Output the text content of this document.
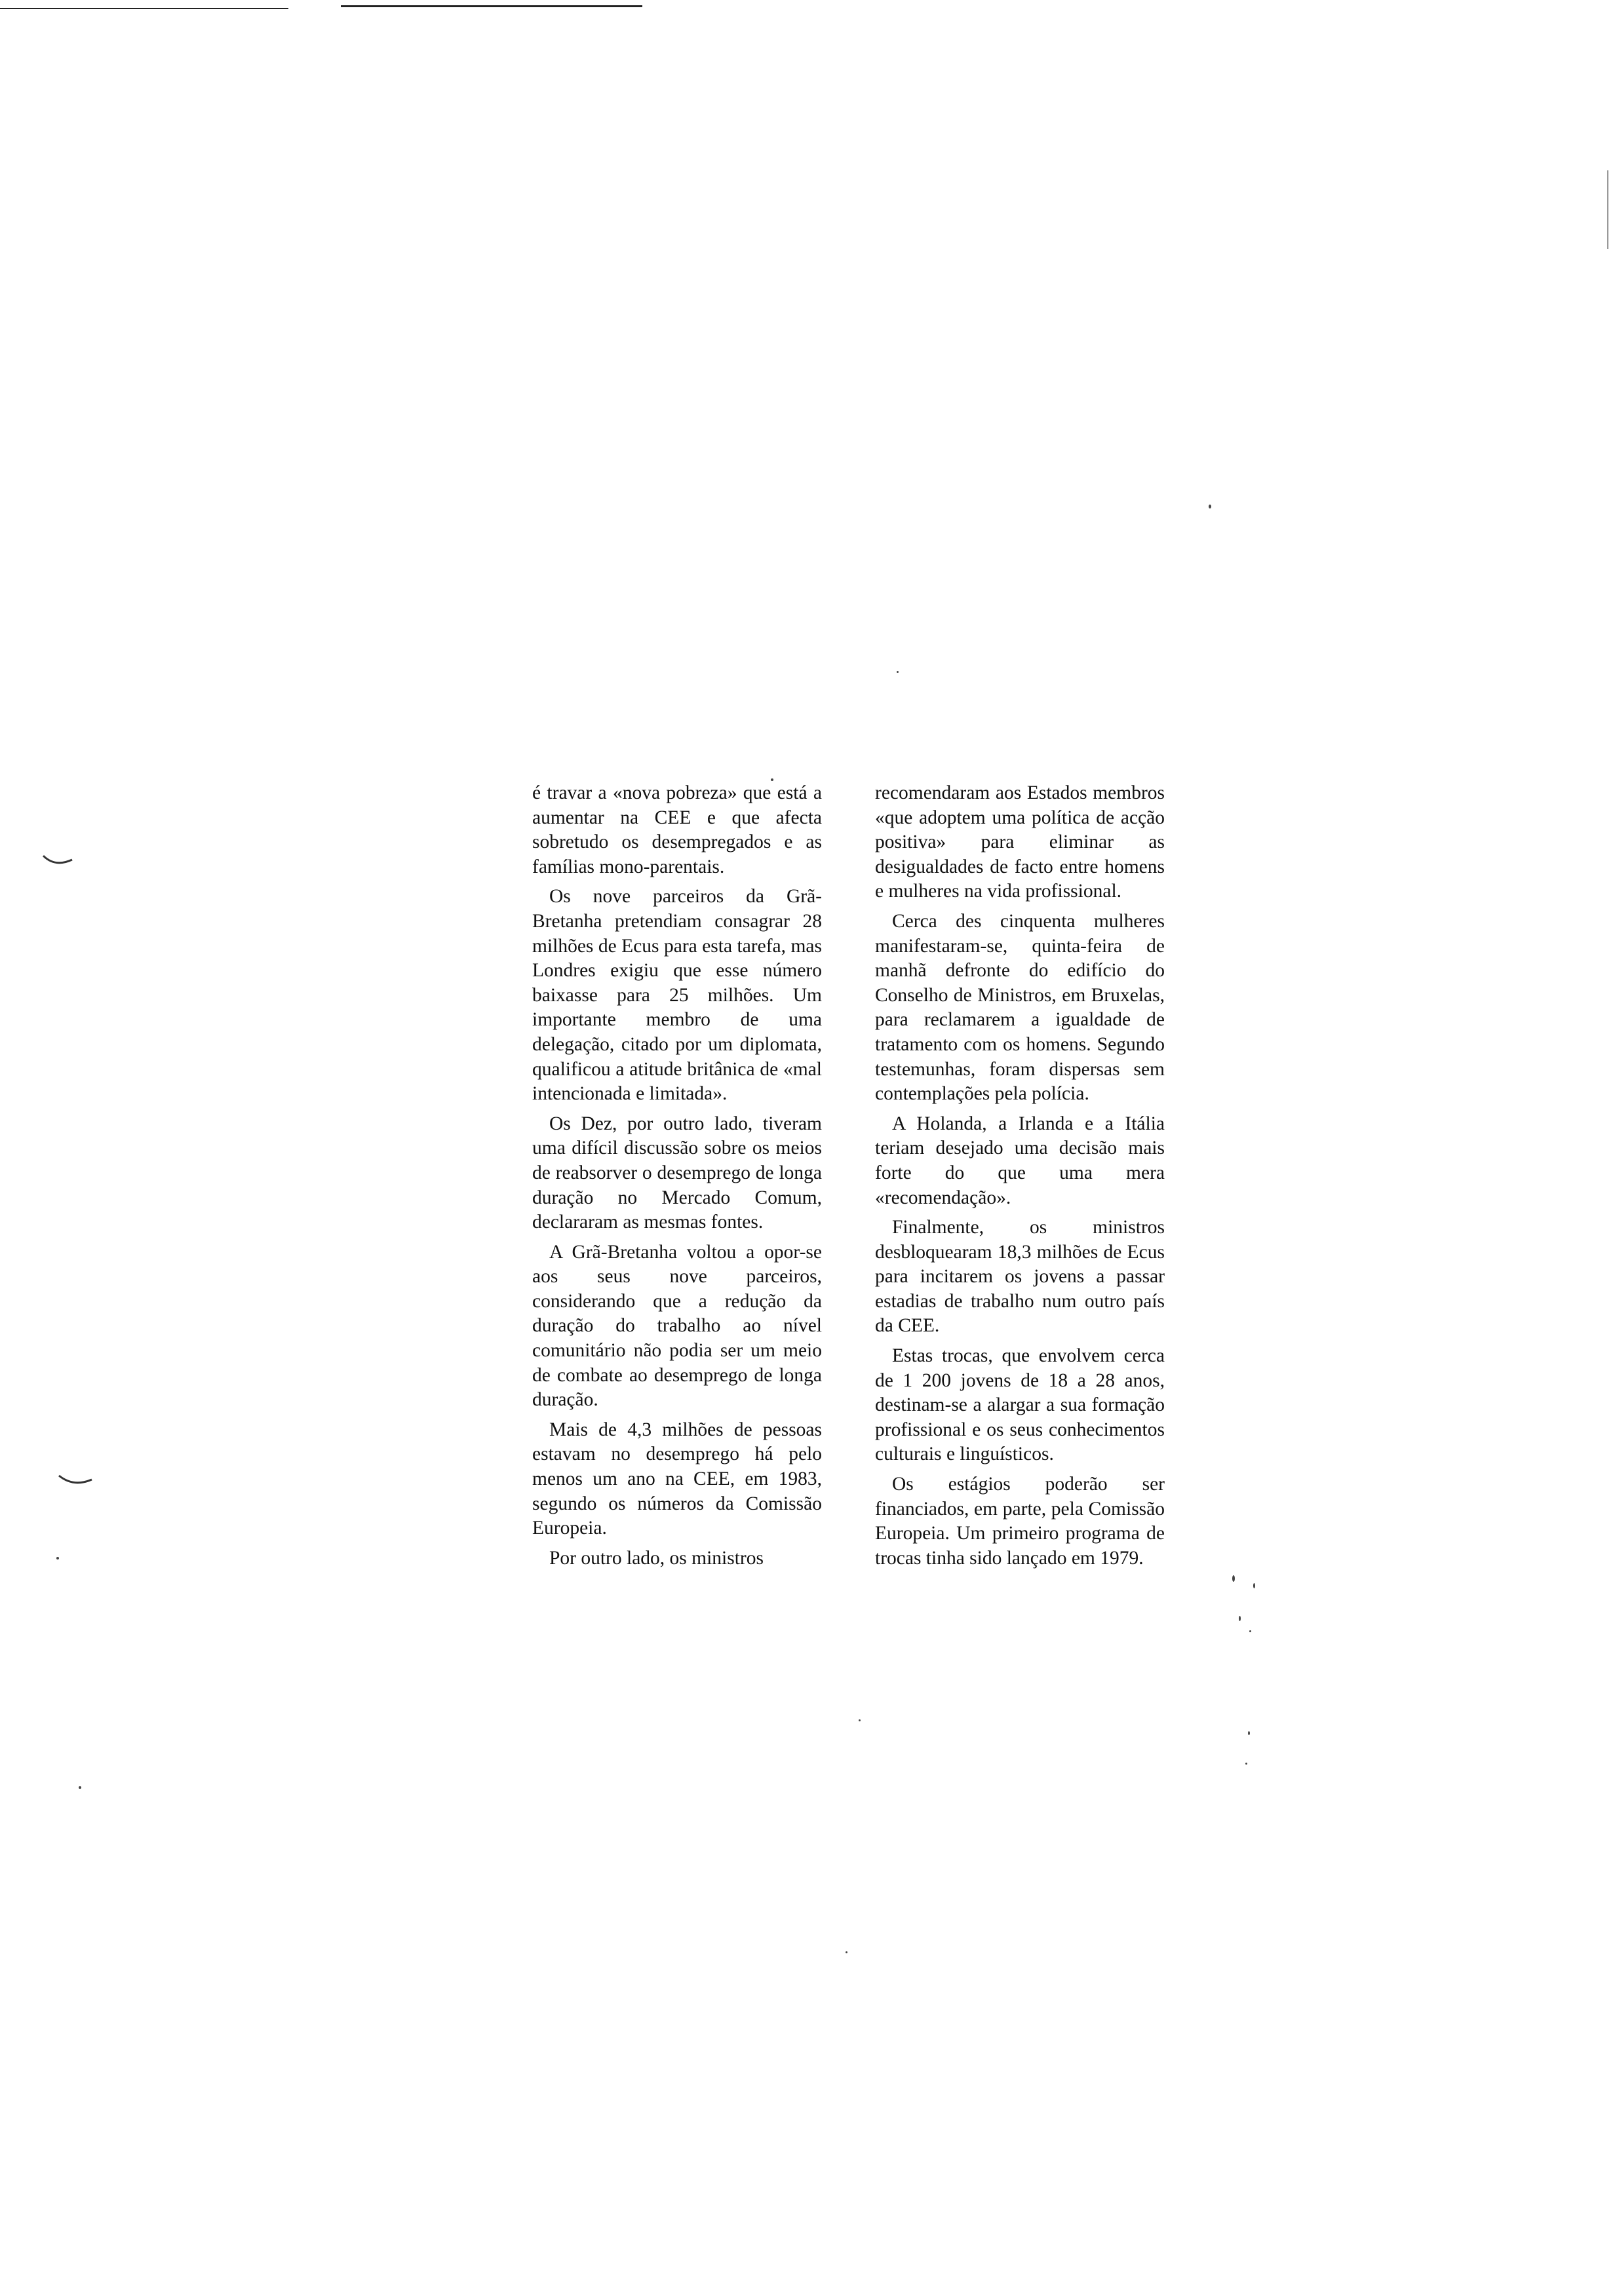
é travar a «nova pobreza» que está a aumentar na CEE e que afecta sobretudo os desempregados e as famílias mono-parentais.

Os nove parceiros da Grã-Bretanha pretendiam consagrar 28 milhões de Ecus para esta tarefa, mas Londres exigiu que esse número baixasse para 25 milhões. Um importante membro de uma delegação, citado por um diplomata, qualificou a atitude britânica de «mal intencionada e limitada».

Os Dez, por outro lado, tiveram uma difícil discussão sobre os meios de reabsorver o desemprego de longa duração no Mercado Comum, declararam as mesmas fontes.

A Grã-Bretanha voltou a opor-se aos seus nove parceiros, considerando que a redução da duração do trabalho ao nível comunitário não podia ser um meio de combate ao desemprego de longa duração.

Mais de 4,3 milhões de pessoas estavam no desemprego há pelo menos um ano na CEE, em 1983, segundo os números da Comissão Europeia.

Por outro lado, os ministros

recomendaram aos Estados membros «que adoptem uma política de acção positiva» para eliminar as desigualdades de facto entre homens e mulheres na vida profissional.

Cerca des cinquenta mulheres manifestaram-se, quinta-feira de manhã defronte do edifício do Conselho de Ministros, em Bruxelas, para reclamarem a igualdade de tratamento com os homens. Segundo testemunhas, foram dispersas sem contemplações pela polícia.

A Holanda, a Irlanda e a Itália teriam desejado uma decisão mais forte do que uma mera «recomendação».

Finalmente, os ministros desbloquearam 18,3 milhões de Ecus para incitarem os jovens a passar estadias de trabalho num outro país da CEE.

Estas trocas, que envolvem cerca de 1 200 jovens de 18 a 28 anos, destinam-se a alargar a sua formação profissional e os seus conhecimentos culturais e linguísticos.

Os estágios poderão ser financiados, em parte, pela Comissão Europeia. Um primeiro programa de trocas tinha sido lançado em 1979.
